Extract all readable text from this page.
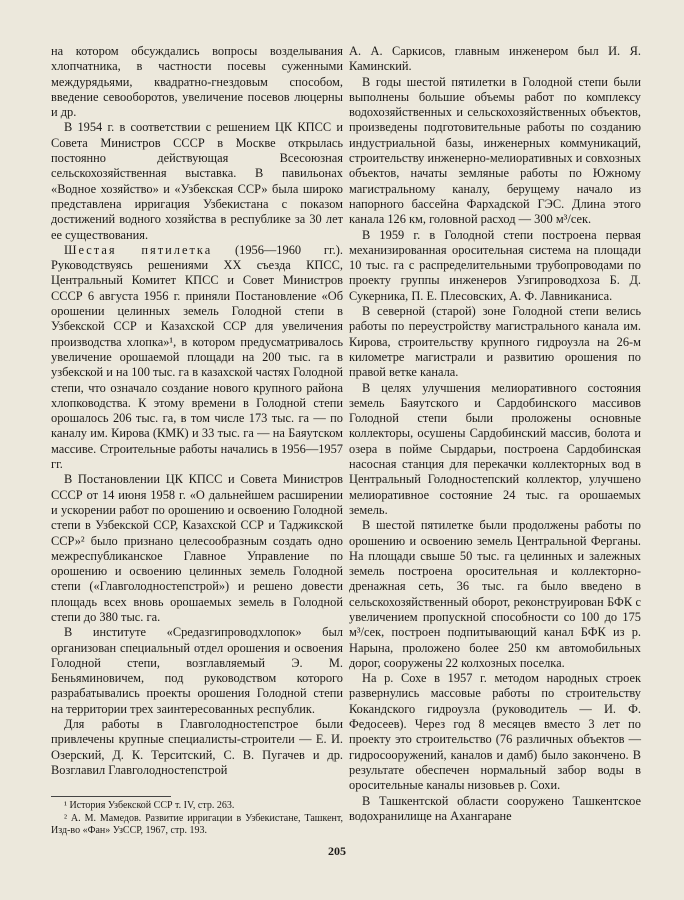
на котором обсуждались вопросы возделывания хлопчатника, в частности посевы суженными междурядьями, квадратно-гнездовым способом, введение севооборотов, увеличение посевов люцерны и др.

В 1954 г. в соответствии с решением ЦК КПСС и Совета Министров СССР в Москве открылась постоянно действующая Всесоюзная сельскохозяйственная выставка. В павильонах «Водное хозяйство» и «Узбекская ССР» была широко представлена ирригация Узбекистана с показом достижений водного хозяйства в республике за 30 лет ее существования.

Шестая пятилетка (1956—1960 гг.). Руководствуясь решениями XX съезда КПСС, Центральный Комитет КПСС и Совет Министров СССР 6 августа 1956 г. приняли Постановление «Об орошении целинных земель Голодной степи в Узбекской ССР и Казахской ССР для увеличения производства хлопка»¹, в котором предусматривалось увеличение орошаемой площади на 200 тыс. га в узбекской и на 100 тыс. га в казахской частях Голодной степи, что означало создание нового крупного района хлопководства. К этому времени в Голодной степи орошалось 206 тыс. га, в том числе 173 тыс. га — по каналу им. Кирова (КМК) и 33 тыс. га — на Баяутском массиве. Строительные работы начались в 1956—1957 гг.

В Постановлении ЦК КПСС и Совета Министров СССР от 14 июня 1958 г. «О дальнейшем расширении и ускорении работ по орошению и освоению Голодной степи в Узбекской ССР, Казахской ССР и Таджикской ССР»² было признано целесообразным создать одно межреспубликанское Главное Управление по орошению и освоению целинных земель Голодной степи («Главголодностепстрой») и решено довести площадь всех вновь орошаемых земель в Голодной степи до 380 тыс. га.

В институте «Средазгипроводхлопок» был организован специальный отдел орошения и освоения Голодной степи, возглавляемый Э. М. Беньяминовичем, под руководством которого разрабатывались проекты орошения Голодной степи на территории трех заинтересованных республик.

Для работы в Главголодностепстрое были привлечены крупные специалисты-строители — Е. И. Озерский, Д. К. Терситский, С. В. Пугачев и др. Возглавил Главголодностепстрой

А. А. Саркисов, главным инженером был И. Я. Каминский.

В годы шестой пятилетки в Голодной степи были выполнены большие объемы работ по комплексу водохозяйственных и сельскохозяйственных объектов, произведены подготовительные работы по созданию индустриальной базы, инженерных коммуникаций, строительству инженерно-мелиоративных и совхозных объектов, начаты земляные работы по Южному магистральному каналу, берущему начало из напорного бассейна Фархадской ГЭС. Длина этого канала 126 км, головной расход — 300 м³/сек.

В 1959 г. в Голодной степи построена первая механизированная оросительная система на площади 10 тыс. га с распределительными трубопроводами по проекту группы инженеров Узгипроводхоза Б. Д. Сукерника, П. Е. Плесовских, А. Ф. Лавниканиса.

В северной (старой) зоне Голодной степи велись работы по переустройству магистрального канала им. Кирова, строительству крупного гидроузла на 26-м километре магистрали и развитию орошения по правой ветке канала.

В целях улучшения мелиоративного состояния земель Баяутского и Сардобинского массивов Голодной степи были проложены основные коллекторы, осушены Сардобинский массив, болота и озера в пойме Сырдарьи, построена Сардобинская насосная станция для перекачки коллекторных вод в Центральный Голодностепский коллектор, улучшено мелиоративное состояние 24 тыс. га орошаемых земель.

В шестой пятилетке были продолжены работы по орошению и освоению земель Центральной Ферганы. На площади свыше 50 тыс. га целинных и залежных земель построена оросительная и коллекторно-дренажная сеть, 36 тыс. га было введено в сельскохозяйственный оборот, реконструирован БФК с увеличением пропускной способности со 100 до 175 м³/сек, построен подпитывающий канал БФК из р. Нарына, проложено более 250 км автомобильных дорог, сооружены 22 колхозных поселка.

На р. Сохе в 1957 г. методом народных строек развернулись массовые работы по строительству Кокандского гидроузла (руководитель — И. Ф. Федосеев). Через год 8 месяцев вместо 3 лет по проекту это строительство (76 различных объектов — гидросооружений, каналов и дамб) было закончено. В результате обеспечен нормальный забор воды в оросительные каналы низовьев р. Сохи.

В Ташкентской области сооружено Ташкентское водохранилище на Ахангаране

¹ История Узбекской ССР т. IV, стр. 263.

² А. М. Мамедов. Развитие ирригации в Узбекистане, Ташкент, Изд-во «Фан» УзССР, 1967, стр. 193.

205
